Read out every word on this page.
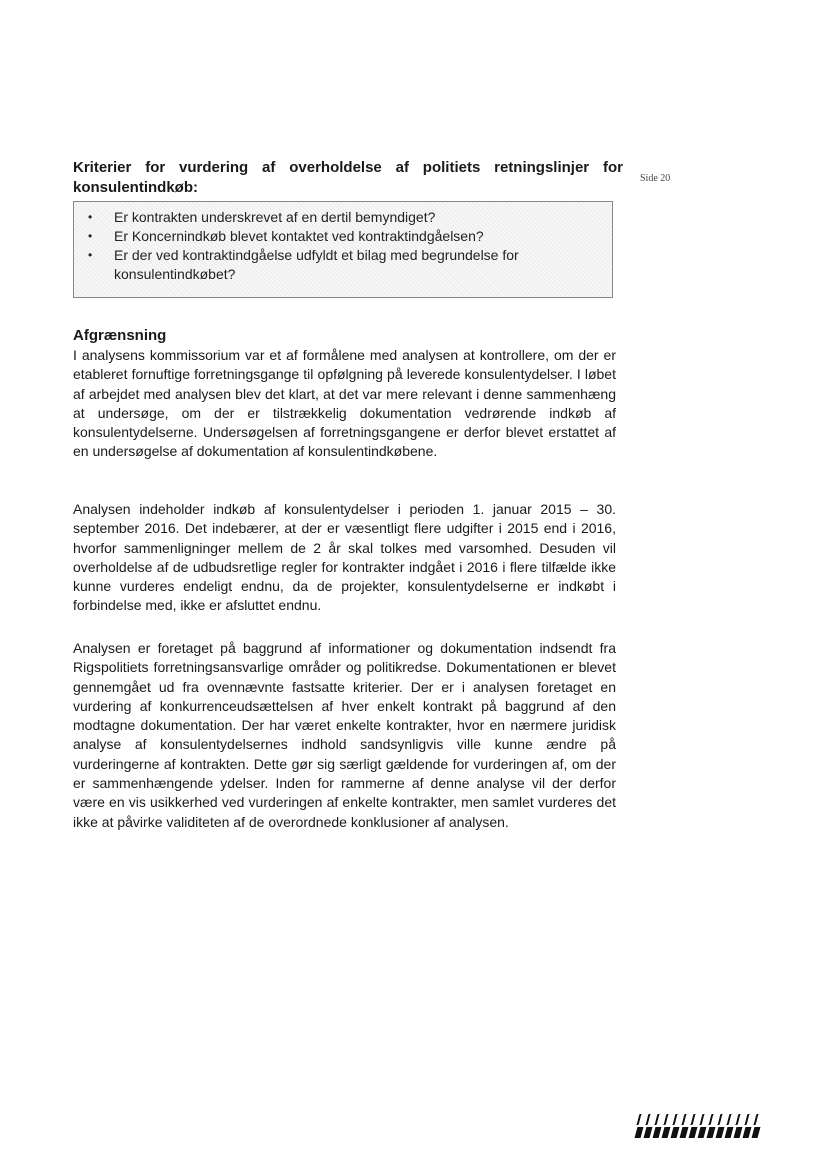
Side 20
Kriterier for vurdering af overholdelse af politiets retningslinjer for konsulentindkøb:
• Er kontrakten underskrevet af en dertil bemyndiget?
• Er Koncernindkøb blevet kontaktet ved kontraktindgåelsen?
• Er der ved kontraktindgåelse udfyldt et bilag med begrundelse for konsulentindkøbet?
Afgrænsning

I analysens kommissorium var et af formålene med analysen at kontrollere, om der er etableret fornuftige forretningsgange til opfølgning på leverede konsulentydelser. I løbet af arbejdet med analysen blev det klart, at det var mere relevant i denne sammenhæng at undersøge, om der er tilstrækkelig dokumentation vedrørende indkøb af konsulentydelserne. Undersøgelsen af forretningsgangene er derfor blevet erstattet af en undersøgelse af dokumentation af konsulentindkøbene.

Analysen indeholder indkøb af konsulentydelser i perioden 1. januar 2015 – 30. september 2016. Det indebærer, at der er væsentligt flere udgifter i 2015 end i 2016, hvorfor sammenligninger mellem de 2 år skal tolkes med varsomhed. Desuden vil overholdelse af de udbudsretlige regler for kontrakter indgået i 2016 i flere tilfælde ikke kunne vurderes endeligt endnu, da de projekter, konsulentydelserne er indkøbt i forbindelse med, ikke er afsluttet endnu.

Analysen er foretaget på baggrund af informationer og dokumentation indsendt fra Rigspolitiets forretningsansvarlige områder og politikredse. Dokumentationen er blevet gennemgået ud fra ovennævnte fastsatte kriterier. Der er i analysen foretaget en vurdering af konkurrenceudsættelsen af hver enkelt kontrakt på baggrund af den modtagne dokumentation. Der har været enkelte kontrakter, hvor en nærmere juridisk analyse af konsulentydelsernes indhold sandsynligvis ville kunne ændre på vurderingerne af kontrakten. Dette gør sig særligt gældende for vurderingen af, om der er sammenhængende ydelser. Inden for rammerne af denne analyse vil der derfor være en vis usikkerhed ved vurderingen af enkelte kontrakter, men samlet vurderes det ikke at påvirke validiteten af de overordnede konklusioner af analysen.
